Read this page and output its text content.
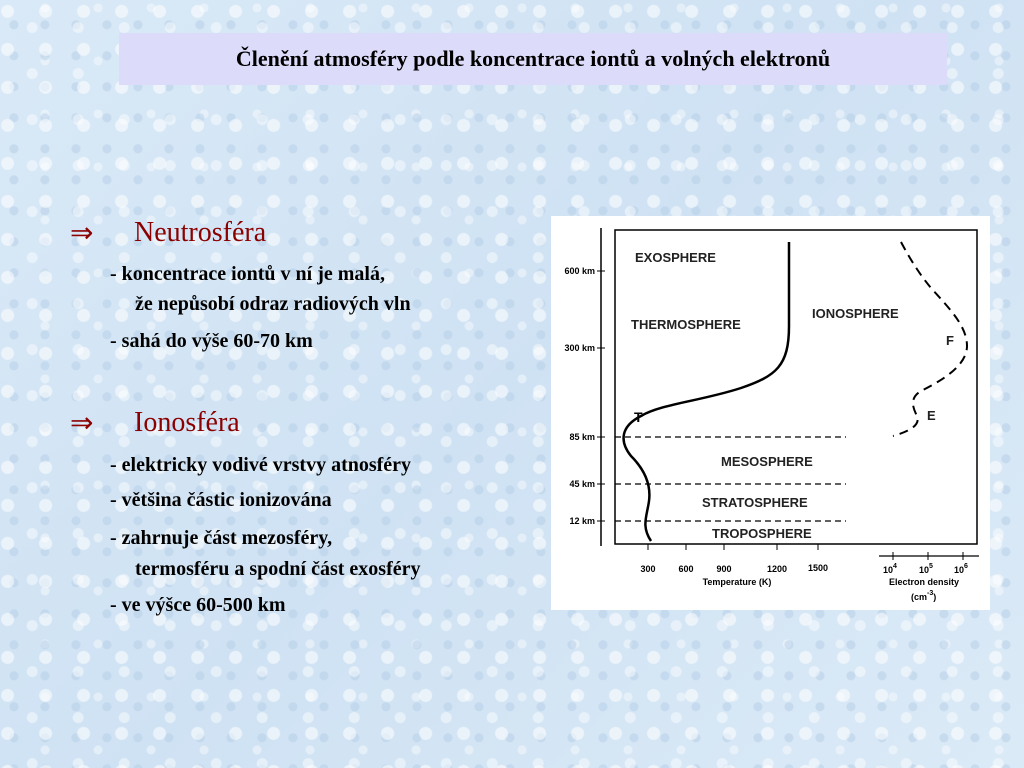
Členění atmosféry podle koncentrace iontů a volných elektronů
⇒	Neutrosféra
- koncentrace iontů v ní je malá,
že nepůsobí odraz radiových vln
- sahá do výše 60-70 km
⇒	Ionosféra
- elektricky vodivé vrstvy atnosféry
- většina částic ionizována
- zahrnuje část mezosféry,
termosféru a spodní část exosféry
- ve výšce 60-500 km
600 km
300 km
85 km
45 km
12 km
T
EXOSPHERE
THERMOSPHERE
IONOSPHERE
MESOSPHERE
STRATOSPHERE
TROPOSPHERE
F
E
300	600	900	1200 1500
Temperature (K)
$10^4$ $10^5$ $10^6$
Electron density
$(cm^{-3})$
